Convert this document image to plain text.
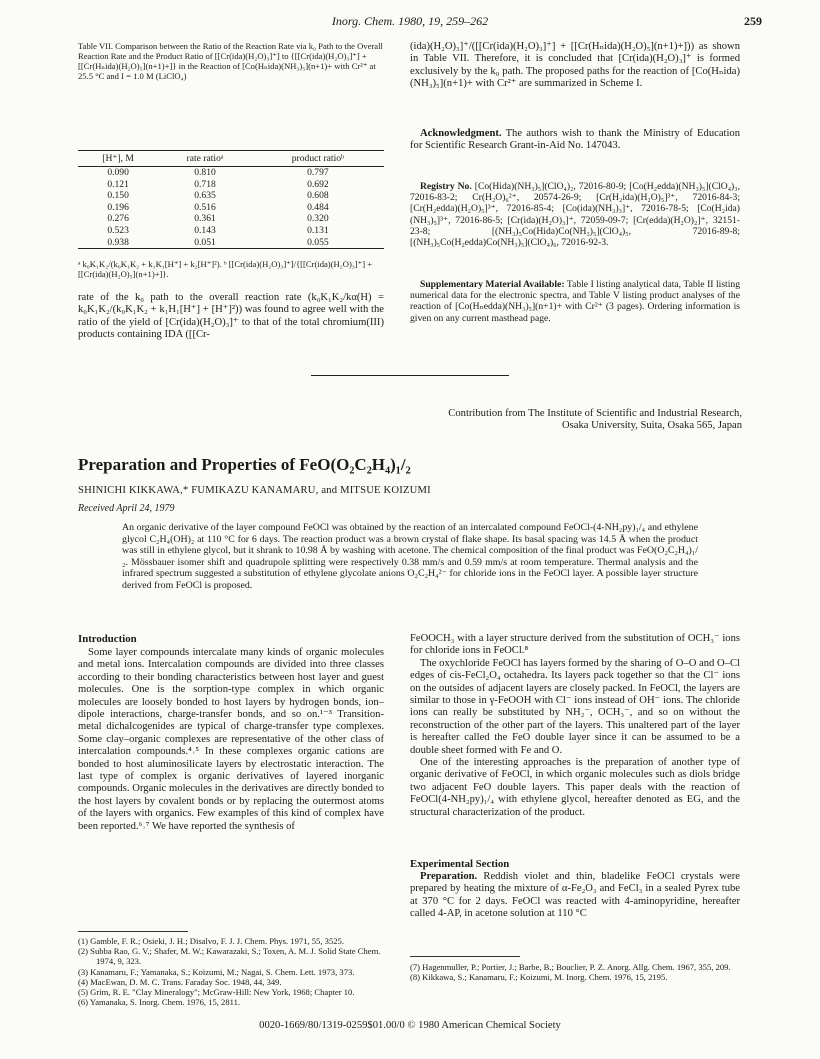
Inorg. Chem. 1980, 19, 259–262	259
Table VII. Comparison between the Ratio of the Reaction Rate via k₀ Path to the Overall Reaction Rate and the Product Ratio of [[Cr(ida)(H₂O)₃]⁺] to {[[Cr(ida)(H₂O)₃]⁺] + [[Cr(Hₙida)(H₂O)₅](n+1)+]} in the Reaction of [Co(Hₙida)(NH₃)₅](n+1)+ with Cr²⁺ at 25.5 °C and I = 1.0 M (LiClO₄)
[H⁺], M	rate ratioᵃ	product ratioᵇ
0.090	0.810	0.797
0.121	0.718	0.692
0.150	0.635	0.608
0.196	0.516	0.484
0.276	0.361	0.320
0.523	0.143	0.131
0.938	0.051	0.055
ᵃ k₀K₁K₂/(k₀K₁K₂ + k₁K₁[H⁺] + k₂[H⁺]²). ᵇ [[Cr(ida)(H₂O)₃]⁺]/{[[Cr(ida)(H₂O)₃]⁺] + [[Cr(ida)(H₂O)₅](n+1)+]}.
rate of the k₀ path to the overall reaction rate (k₀K₁K₂/kα(H) = k₀K₁K₂/(k₀K₁K₂ + k₁H₁[H⁺] + [H⁺]²)) was found to agree well with the ratio of the yield of [Cr(ida)(H₂O)₃]⁺ to that of the total chromium(III) products containing IDA ([[Cr-
(ida)(H₂O)₃]⁺/([[Cr(ida)(H₂O)₃]⁺] + [[Cr(Hₙida)(H₂O)₅](n+1)+])) as shown in Table VII. Therefore, it is concluded that [Cr(ida)(H₂O)₃]⁺ is formed exclusively by the k₀ path. The proposed paths for the reaction of [Co(Hₙida)(NH₃)₅](n+1)+ with Cr²⁺ are summarized in Scheme I.

Acknowledgment. The authors wish to thank the Ministry of Education for Scientific Research Grant-in-Aid No. 147043.

Registry No. [Co(Hida)(NH₃)₅](ClO₄)₂, 72016-80-9; [Co(H₂edda)(NH₃)₅](ClO₄)₃, 72016-83-2; Cr(H₂O)₆²⁺, 20574-26-9; [Cr(H₂ida)(H₂O)₅]³⁺, 72016-84-3; [Cr(H₂edda)(H₂O)₅]³⁺, 72016-85-4; [Co(ida)(NH₃)₃]⁺, 72016-78-5; [Co(H₂ida)(NH₃)₅]³⁺, 72016-86-5; [Cr(ida)(H₂O)₃]⁺, 72059-09-7; [Cr(edda)(H₂O)₂]⁺, 32151-23-8; [(NH₃)₅Co(Hida)Co(NH₃)₅](ClO₄)₅, 72016-89-8; [(NH₃)₅Co(H₂edda)Co(NH₃)₅](ClO₄)₆, 72016-92-3.

Supplementary Material Available: Table I listing analytical data, Table II listing numerical data for the electronic spectra, and Table V listing product analyses of the reaction of [Co(Hₙedda)(NH₃)₅](n+1)+ with Cr²⁺ (3 pages). Ordering information is given on any current masthead page.

Contribution from The Institute of Scientific and Industrial Research,
Osaka University, Suita, Osaka 565, Japan
Preparation and Properties of FeO(O₂C₂H₄)₁/₂
SHINICHI KIKKAWA,* FUMIKAZU KANAMARU, and MITSUE KOIZUMI
Received April 24, 1979
An organic derivative of the layer compound FeOCl was obtained by the reaction of an intercalated compound FeOCl-(4-NH₂py)₁/₄ and ethylene glycol C₂H₄(OH)₂ at 110 °C for 6 days. The reaction product was a brown crystal of flake shape. Its basal spacing was 14.5 Å when the product was still in ethylene glycol, but it shrank to 10.98 Å by washing with acetone. The chemical composition of the final product was FeO(O₂C₂H₄)₁/₂. Mössbauer isomer shift and quadrupole splitting were respectively 0.38 mm/s and 0.59 mm/s at room temperature. Thermal analysis and the infrared spectrum suggested a substitution of ethylene glycolate anions O₂C₂H₄²⁻ for chloride ions in the FeOCl layer. A possible layer structure derived from FeOCl is proposed.
Introduction

Some layer compounds intercalate many kinds of organic molecules and metal ions. Intercalation compounds are divided into three classes according to their bonding characteristics between host layer and guest molecules. One is the sorption-type complex in which organic molecules are loosely bonded to host layers by hydrogen bonds, ion–dipole interactions, charge-transfer bonds, and so on.¹⁻³ Transition-metal dichalcogenides are typical of charge-transfer type complexes. Some clay–organic complexes are representative of the other class of intercalation compounds.⁴˒⁵ In these complexes organic cations are bonded to host aluminosilicate layers by electrostatic interaction. The last type of complex is organic derivatives of layered inorganic compounds. Organic molecules in the derivatives are directly bonded to the host layers by covalent bonds or by replacing the outermost atoms of the layers with organics. Few examples of this kind of complex have been reported.⁶˒⁷ We have reported the synthesis of

FeOOCH₃ with a layer structure derived from the substitution of OCH₃⁻ ions for chloride ions in FeOCl.⁸

The oxychloride FeOCl has layers formed by the sharing of O–O and O–Cl edges of cis-FeCl₂O₄ octahedra. Its layers pack together so that the Cl⁻ ions on the outsides of adjacent layers are closely packed. In FeOCl, the layers are similar to those in γ-FeOOH with Cl⁻ ions instead of OH⁻ ions. The chloride ions can really be substituted by NH₂⁻, OCH₃⁻, and so on without the reconstruction of the other part of the layers. This unaltered part of the layer is hereafter called the FeO double layer since it can be assumed to be a double sheet formed with Fe and O.

One of the interesting approaches is the preparation of another type of organic derivative of FeOCl, in which organic molecules such as diols bridge two adjacent FeO double layers. This paper deals with the reaction of FeOCl(4-NH₂py)₁/₄ with ethylene glycol, hereafter denoted as EG, and the structural characterization of the product.

Experimental Section

Preparation. Reddish violet and thin, bladelike FeOCl crystals were prepared by heating the mixture of α-Fe₂O₃ and FeCl₃ in a sealed Pyrex tube at 370 °C for 2 days. FeOCl was reacted with 4-aminopyridine, hereafter called 4-AP, in acetone solution at 110 °C

(1) Gamble, F. R.; Osieki, J. H.; Disalvo, F. J. J. Chem. Phys. 1971, 55, 3525.
(2) Subba Rao, G. V.; Shafer, M. W.; Kawarazaki, S.; Toxen, A. M. J. Solid State Chem. 1974, 9, 323.
(3) Kanamaru, F.; Yamanaka, S.; Koizumi, M.; Nagai, S. Chem. Lett. 1973, 373.
(4) MacEwan, D. M. C. Trans. Faraday Soc. 1948, 44, 349.
(5) Grim, R. E. "Clay Mineralogy"; McGraw-Hill: New York, 1968; Chapter 10.
(6) Yamanaka, S. Inorg. Chem. 1976, 15, 2811.
(7) Hagenmuller, P.; Portier, J.; Barbe, B.; Bouclier, P. Z. Anorg. Allg. Chem. 1967, 355, 209.
(8) Kikkawa, S.; Kanamaru, F.; Koizumi, M. Inorg. Chem. 1976, 15, 2195.
0020-1669/80/1319-0259$01.00/0 © 1980 American Chemical Society
